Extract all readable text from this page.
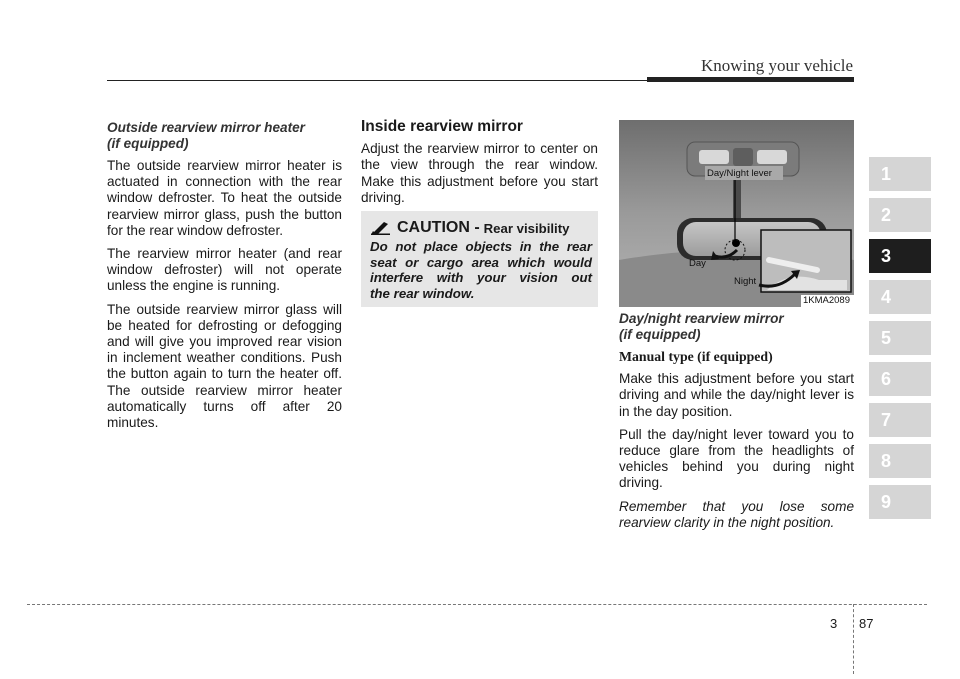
Knowing your vehicle
Outside rearview mirror heater
(if equipped)

The outside rearview mirror heater is actuated in connection with the rear window defroster. To heat the outside rearview mirror glass, push the button for the rear window defroster.

The rearview mirror heater (and rear window defroster) will not operate unless the engine is running.

The outside rearview mirror glass will be heated for defrosting or defogging and will give you improved rear vision in inclement weather conditions. Push the button again to turn the heater off. The outside rearview mirror heater automatically turns off after 20 minutes.

Inside rearview mirror

Adjust the rearview mirror to center on the view through the rear window. Make this adjustment before you start driving.

CAUTION - Rear visibility
Do not place objects in the rear
seat or cargo area which would
interfere with your vision out
the rear window.
Day/Night lever
Day
Night
1KMA2089
Day/night rearview mirror
(if equipped)
Manual type (if equipped)

Make this adjustment before you start driving and while the day/night lever is in the day position.

Pull the day/night lever toward you to reduce glare from the headlights of vehicles behind you during night driving.

Remember that you lose some rearview clarity in the night position.

1
2
3
4
5
6
7
8
9
3 87
